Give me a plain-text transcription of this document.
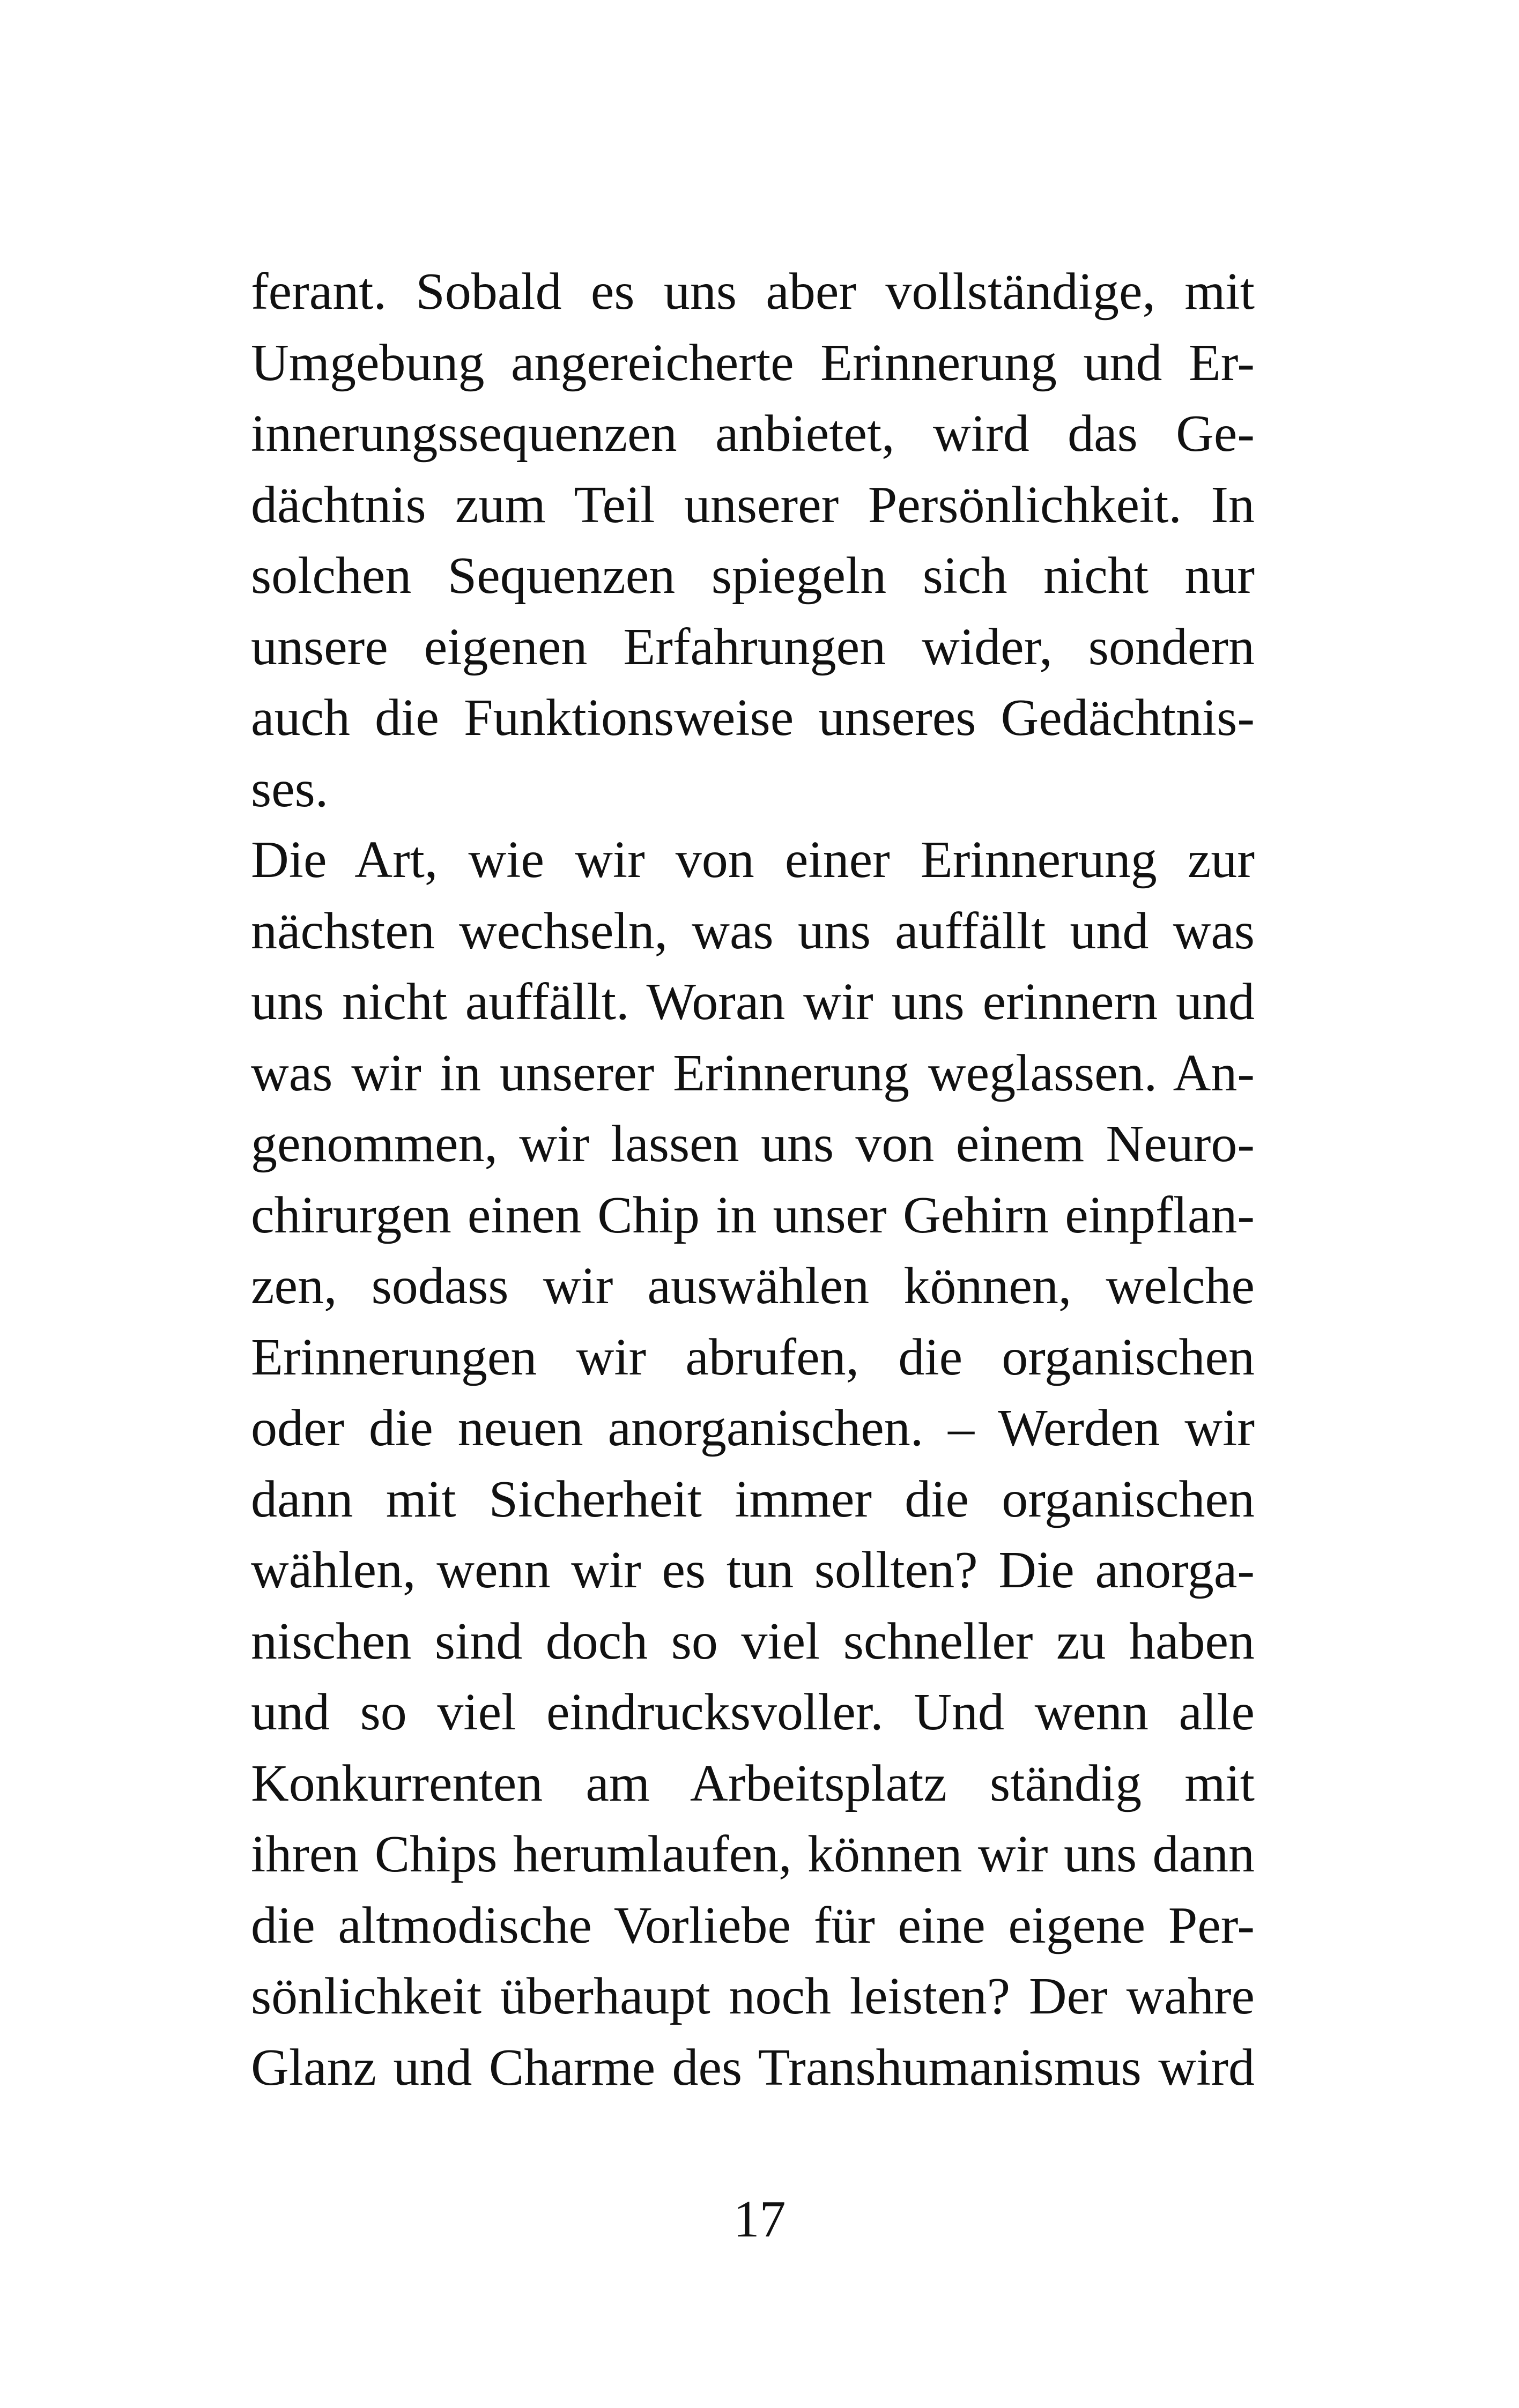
ferant. Sobald es uns aber vollständige, mit
Umgebung angereicherte Erinnerung und Er-
innerungssequenzen anbietet, wird das Ge-
dächtnis zum Teil unserer Persönlichkeit. In
solchen Sequenzen spiegeln sich nicht nur
unsere eigenen Erfahrungen wider, sondern
auch die Funktionsweise unseres Gedächtnis-
ses.
Die Art, wie wir von einer Erinnerung zur
nächsten wechseln, was uns auffällt und was
uns nicht auffällt. Woran wir uns erinnern und
was wir in unserer Erinnerung weglassen. An-
genommen, wir lassen uns von einem Neuro-
chirurgen einen Chip in unser Gehirn einpflan-
zen, sodass wir auswählen können, welche
Erinnerungen wir abrufen, die organischen
oder die neuen anorganischen. – Werden wir
dann mit Sicherheit immer die organischen
wählen, wenn wir es tun sollten? Die anorga-
nischen sind doch so viel schneller zu haben
und so viel eindrucksvoller. Und wenn alle
Konkurrenten am Arbeitsplatz ständig mit
ihren Chips herumlaufen, können wir uns dann
die altmodische Vorliebe für eine eigene Per-
sönlichkeit überhaupt noch leisten? Der wahre
Glanz und Charme des Transhumanismus wird
17
